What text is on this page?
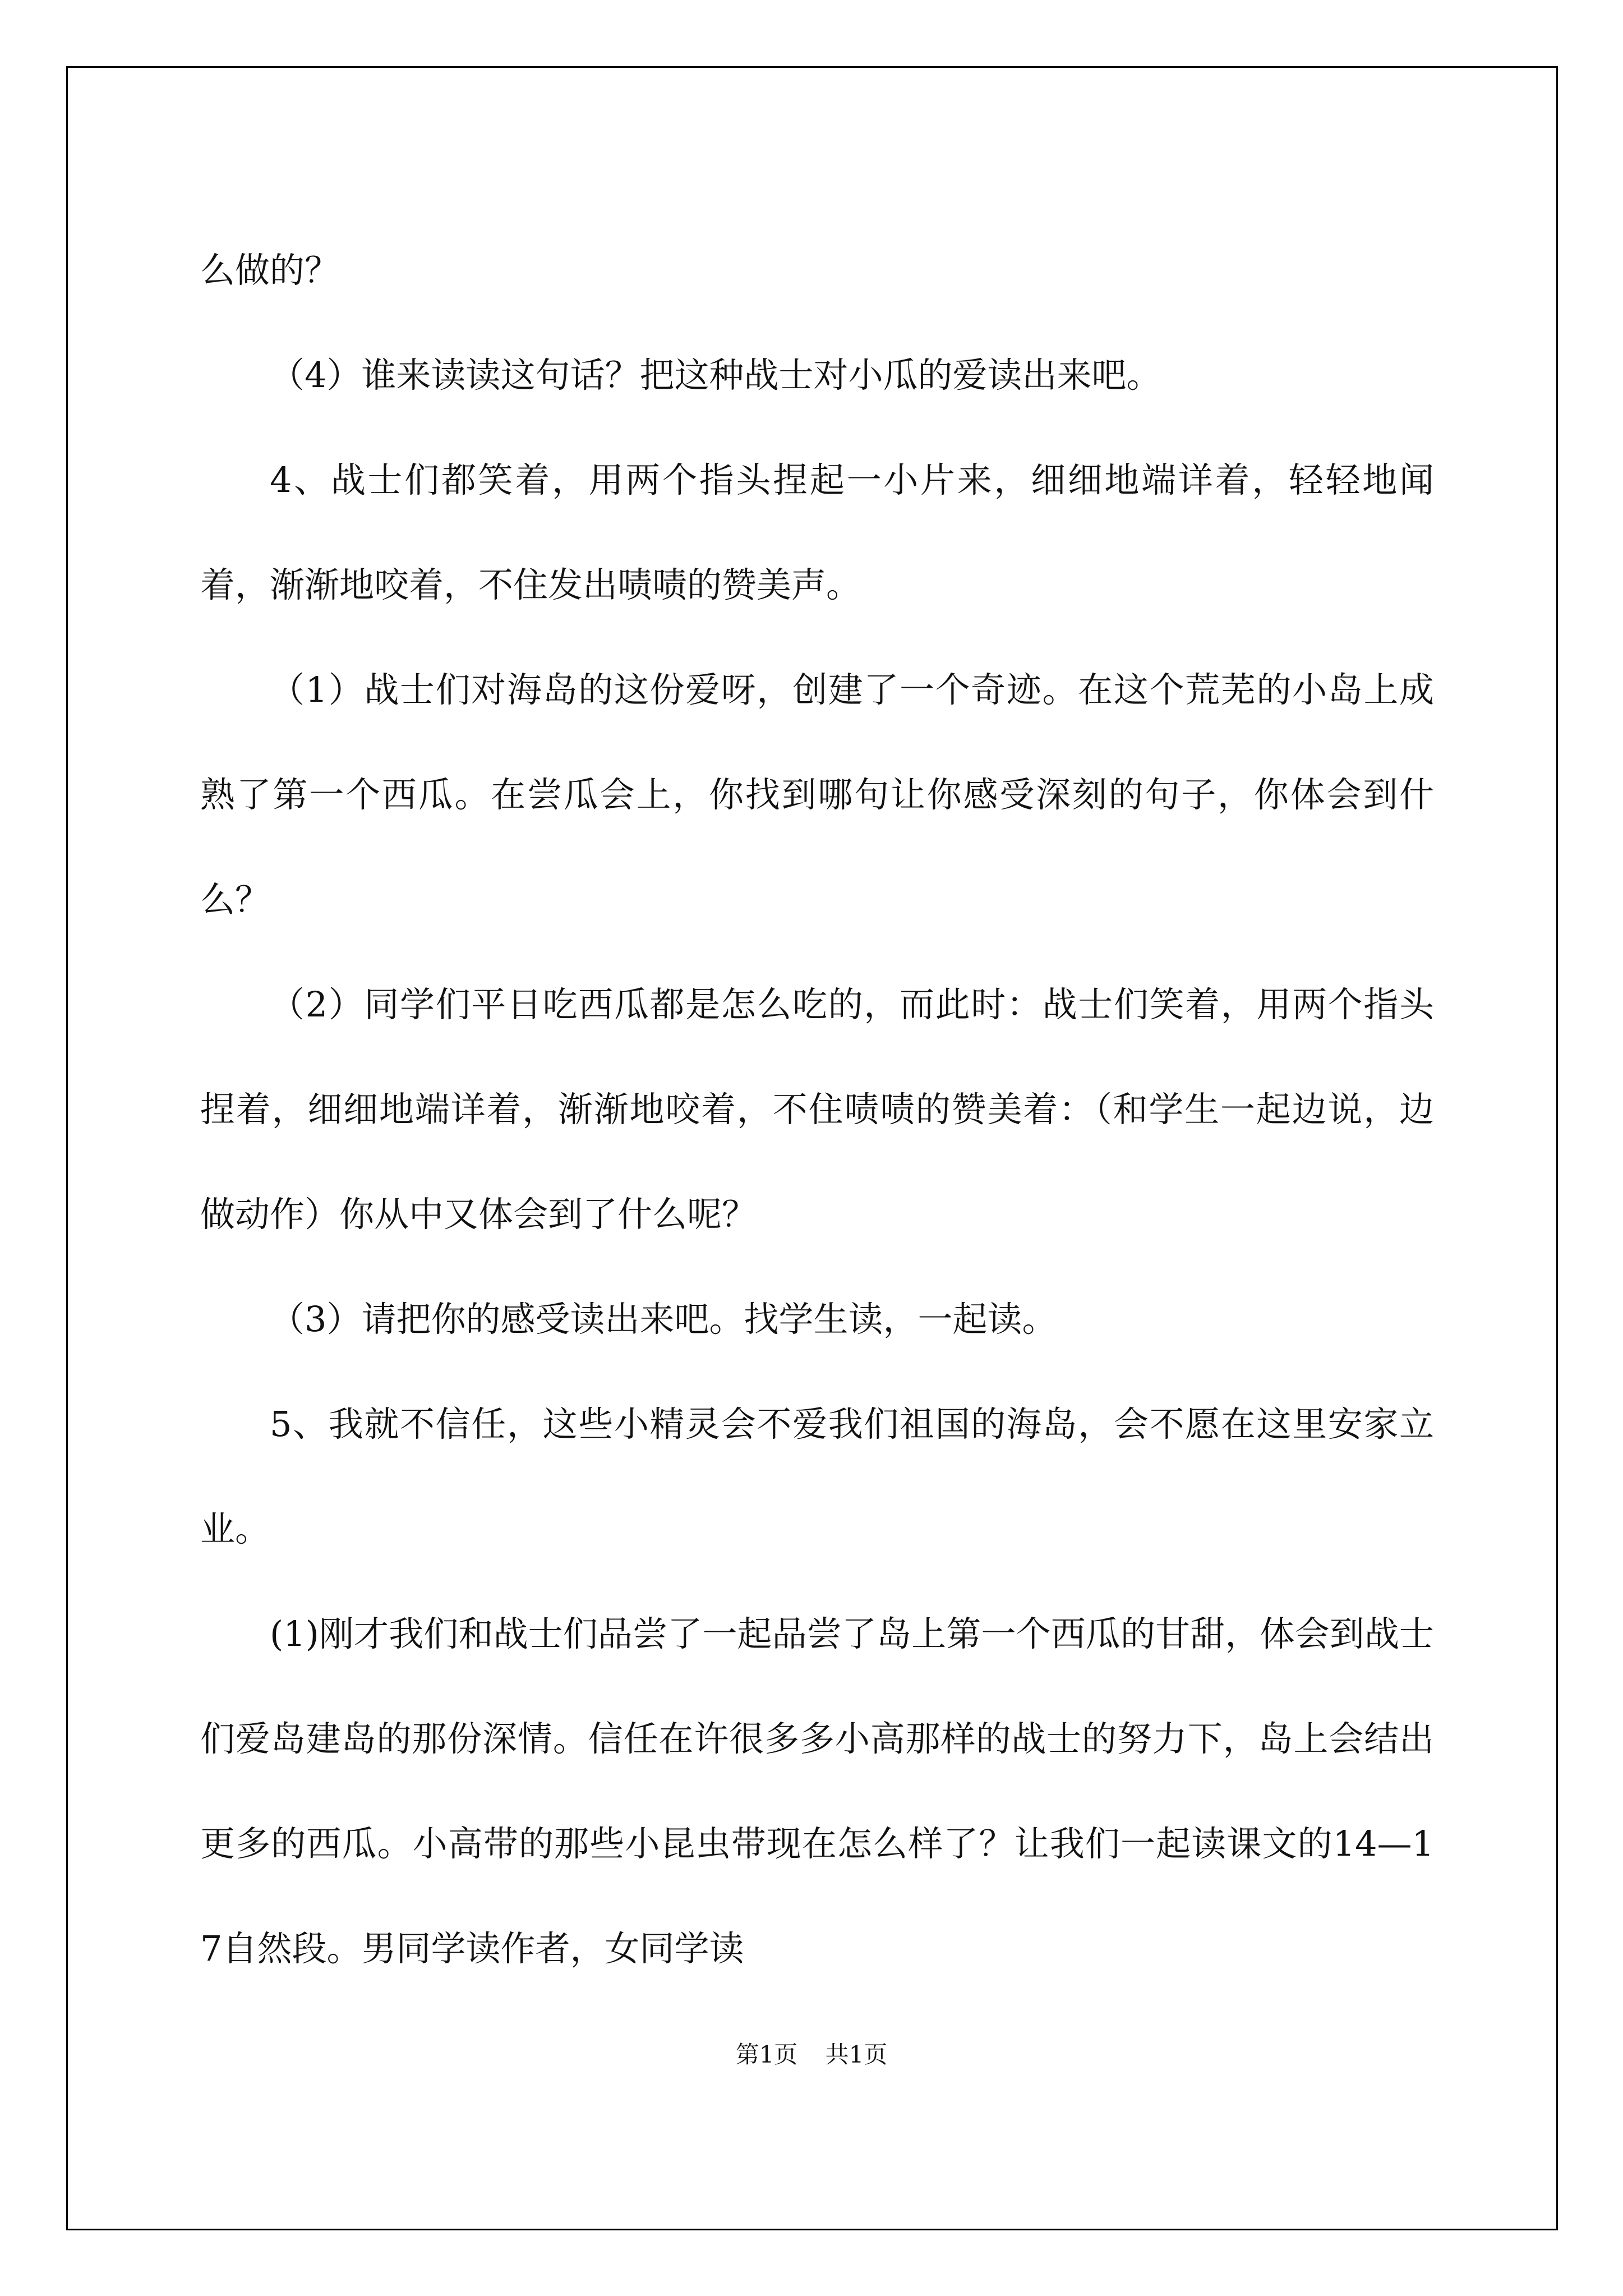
么做的？

（4）谁来读读这句话？把这种战士对小瓜的爱读出来吧。

4、战士们都笑着，用两个指头捏起一小片来，细细地端详着，轻轻地闻着，渐渐地咬着，不住发出啧啧的赞美声。

（1）战士们对海岛的这份爱呀，创建了一个奇迹。在这个荒芜的小岛上成熟了第一个西瓜。在尝瓜会上，你找到哪句让你感受深刻的句子，你体会到什么？

（2）同学们平日吃西瓜都是怎么吃的，而此时：战士们笑着，用两个指头捏着，细细地端详着，渐渐地咬着，不住啧啧的赞美着：（和学生一起边说，边做动作）你从中又体会到了什么呢？

（3）请把你的感受读出来吧。找学生读，一起读。

5、我就不信任，这些小精灵会不爱我们祖国的海岛，会不愿在这里安家立业。

(1)刚才我们和战士们品尝了一起品尝了岛上第一个西瓜的甘甜，体会到战士们爱岛建岛的那份深情。信任在许很多多小高那样的战士的努力下，岛上会结出更多的西瓜。小高带的那些小昆虫带现在怎么样了？让我们一起读课文的14—17自然段。男同学读作者，女同学读

第1页 共1页
